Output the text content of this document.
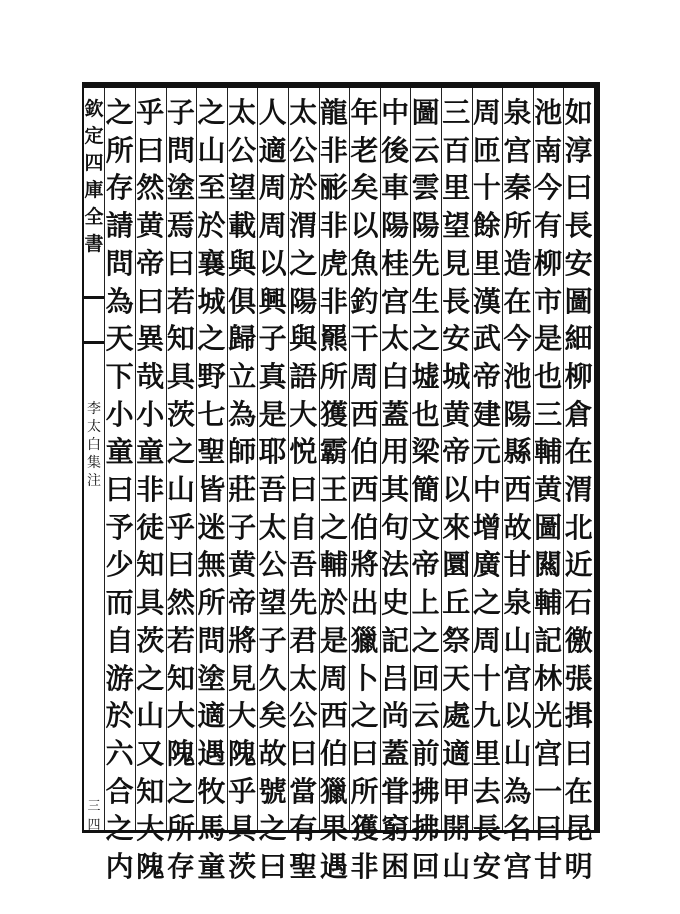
欽
定
四
庫
全
書
李
太
白
集
注
三四
如
淳
曰
長
安
圖
細
柳
倉
在
渭
北
近
石
徼
張
揖
曰
在
昆
明
池
南
今
有
柳
市
是
也
三
輔
黄
圖
闗
輔
記
林
光
宫
一
曰
甘
泉
宫
秦
所
造
在
今
池
陽
縣
西
故
甘
泉
山
宫
以
山
為
名
宫
周
匝
十
餘
里
漢
武
帝
建
元
中
增
廣
之
周
十
九
里
去
長
安
三
百
里
望
見
長
安
城
黄
帝
以
來
圜
丘
祭
天
處
適
甲
開
山
圖
云
雲
陽
先
生
之
墟
也
梁
簡
文
帝
上
之
回
云
前
拂
拂
回
中
後
車
陽
桂
宫
太
白
蓋
用
其
句
法
史
記
吕
尚
蓋
甞
窮
困
年
老
矣
以
魚
釣
干
周
西
伯
西
伯
將
出
獵
卜
之
曰
所
獲
非
龍
非
彨
非
虎
非
羆
所
獲
霸
王
之
輔
於
是
周
西
伯
獵
果
遇
太
公
於
渭
之
陽
與
語
大
悦
曰
自
吾
先
君
太
公
曰
當
有
聖
人
適
周
周
以
興
子
真
是
耶
吾
太
公
望
子
久
矣
故
號
之
曰
太
公
望
載
與
俱
歸
立
為
師
莊
子
黄
帝
將
見
大
隗
乎
具
茨
之
山
至
於
襄
城
之
野
七
聖
皆
迷
無
所
問
塗
適
遇
牧
馬
童
子
問
塗
焉
曰
若
知
具
茨
之
山
乎
曰
然
若
知
大
隗
之
所
存
乎
曰
然
黄
帝
曰
異
哉
小
童
非
徒
知
具
茨
之
山
又
知
大
隗
之
所
存
請
問
為
天
下
小
童
曰
予
少
而
自
游
於
六
合
之
内
